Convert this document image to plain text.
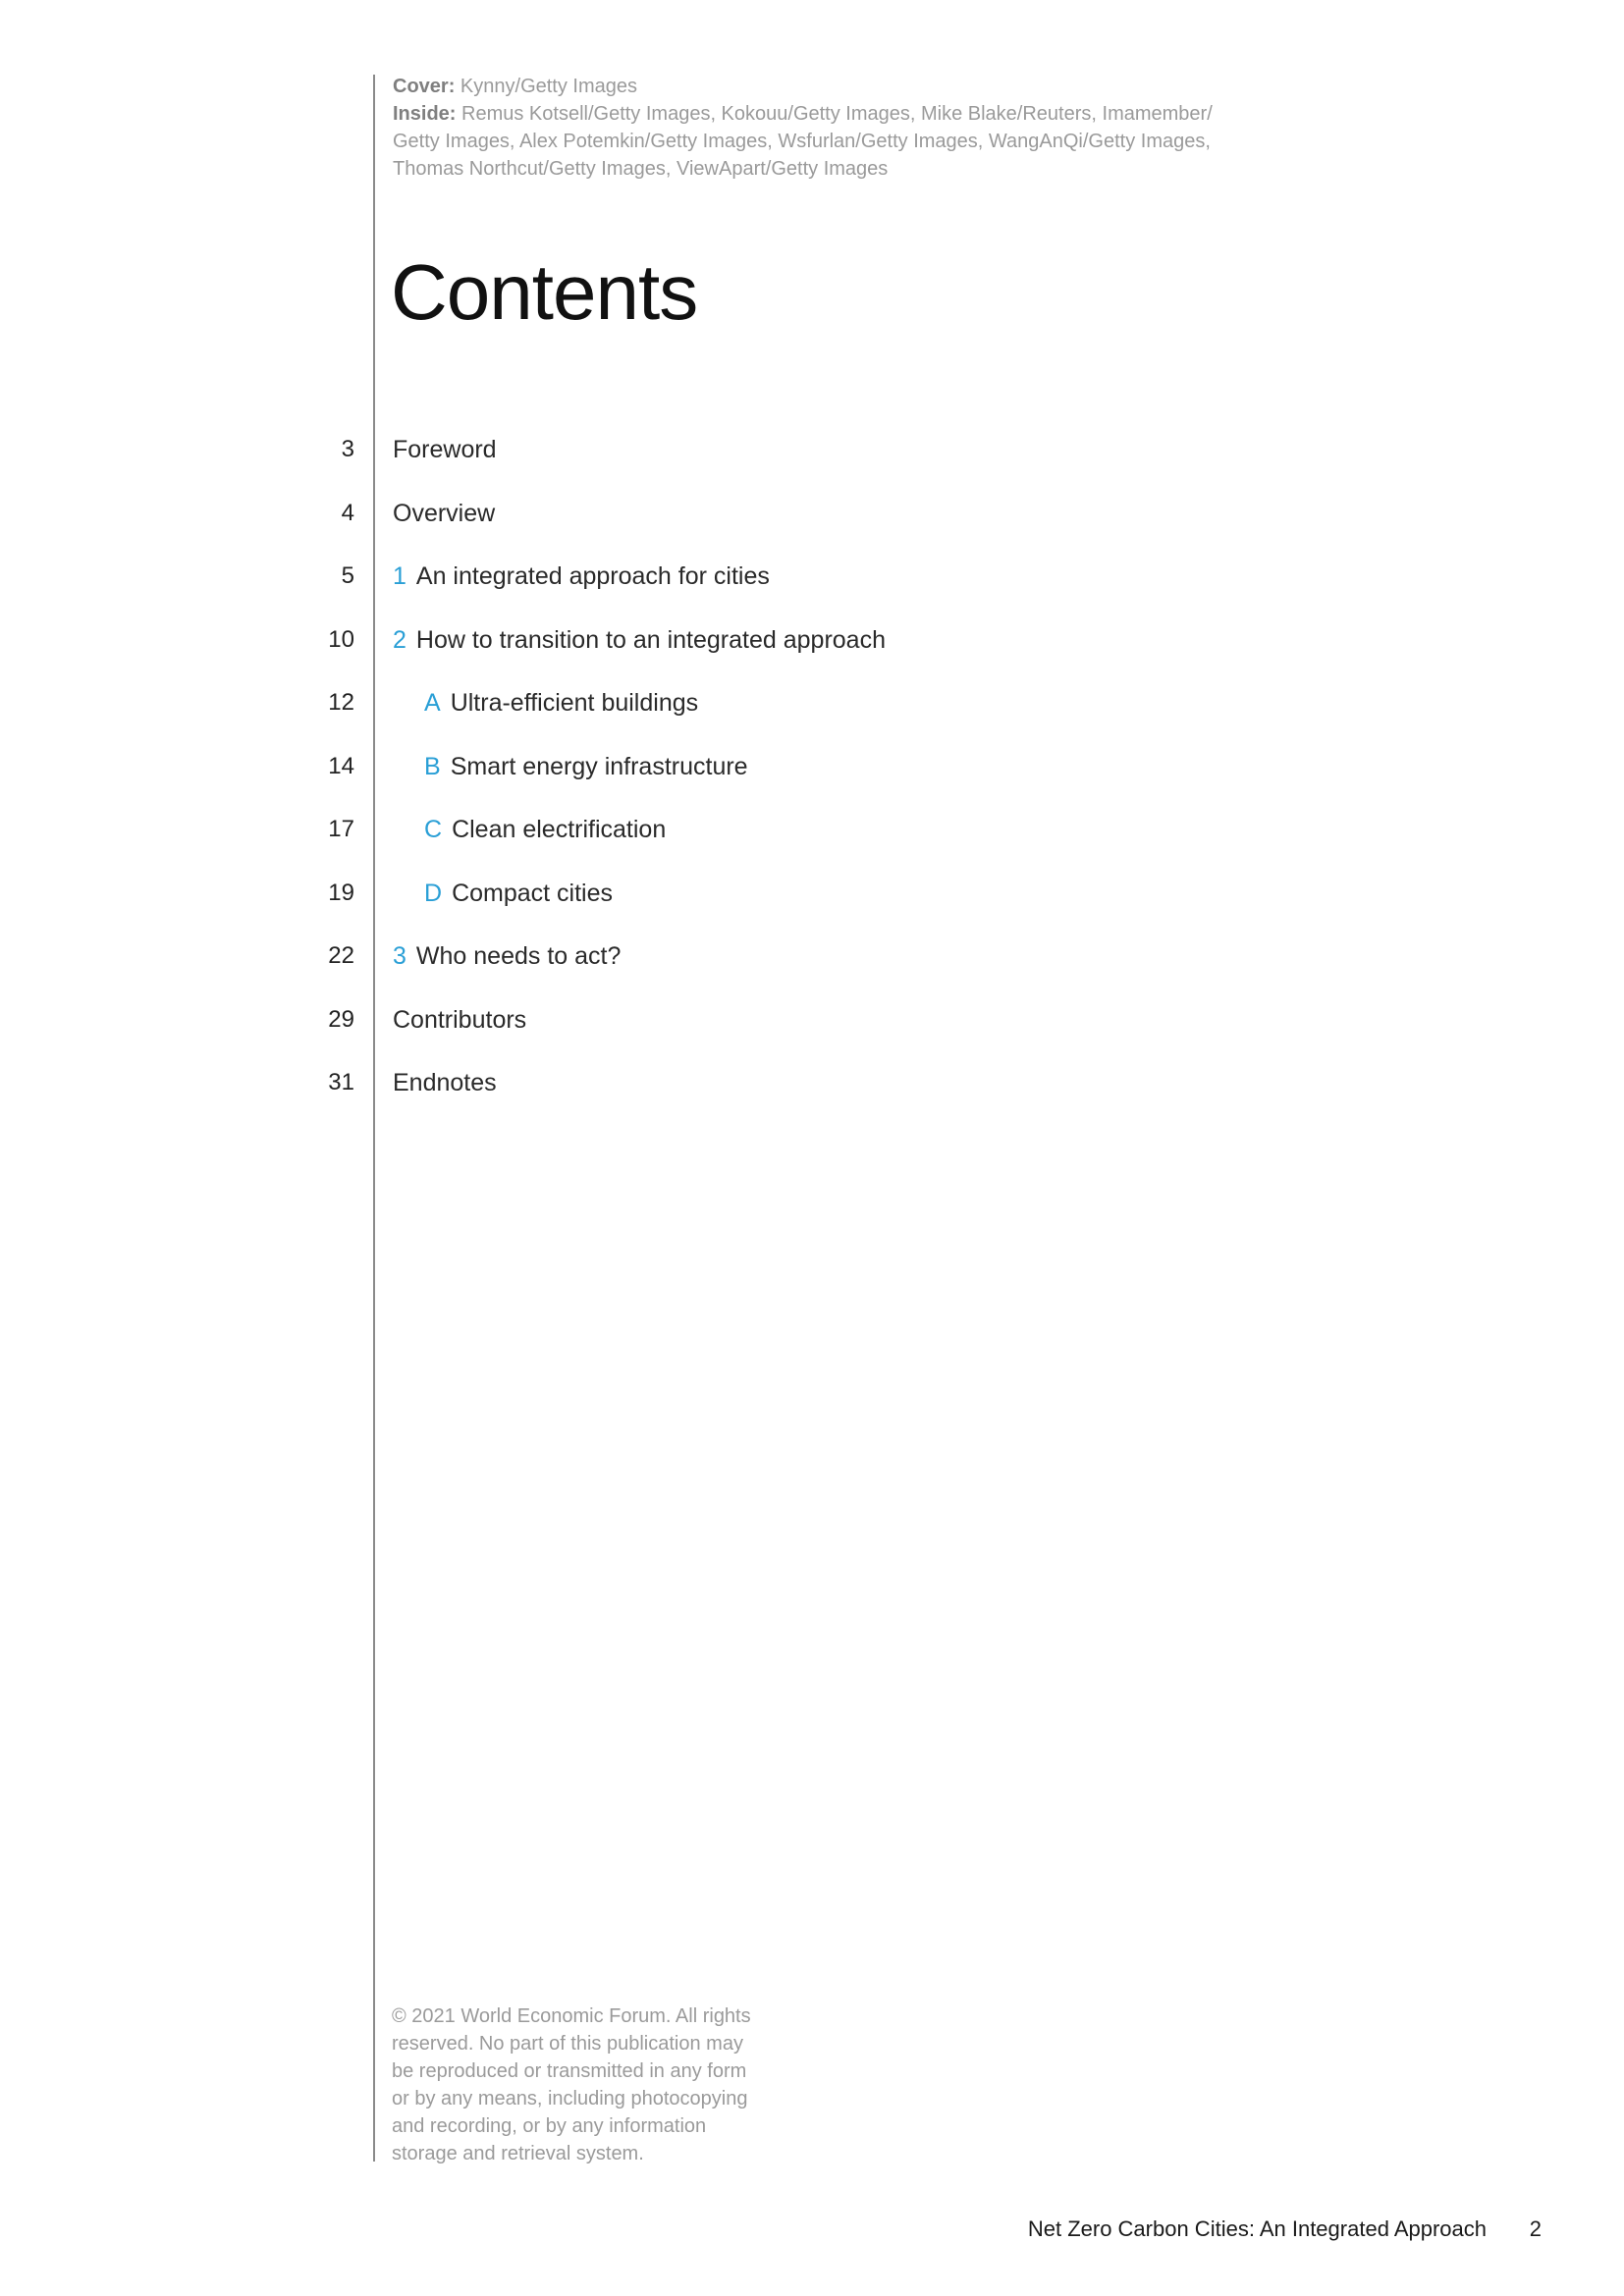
Cover: Kynny/Getty Images
Inside: Remus Kotsell/Getty Images, Kokouu/Getty Images, Mike Blake/Reuters, Imamember/
Getty Images, Alex Potemkin/Getty Images, Wsfurlan/Getty Images, WangAnQi/Getty Images,
Thomas Northcut/Getty Images, ViewApart/Getty Images
Contents
3 Foreword
4 Overview
5 1 An integrated approach for cities
10 2 How to transition to an integrated approach
12	A Ultra-efficient buildings
14	B Smart energy infrastructure
17	C Clean electrification
19	D Compact cities
22 3 Who needs to act?
29 Contributors
31 Endnotes
© 2021 World Economic Forum. All rights
reserved. No part of this publication may
be reproduced or transmitted in any form
or by any means, including photocopying
and recording, or by any information
storage and retrieval system.
Net Zero Carbon Cities: An Integrated Approach 2
